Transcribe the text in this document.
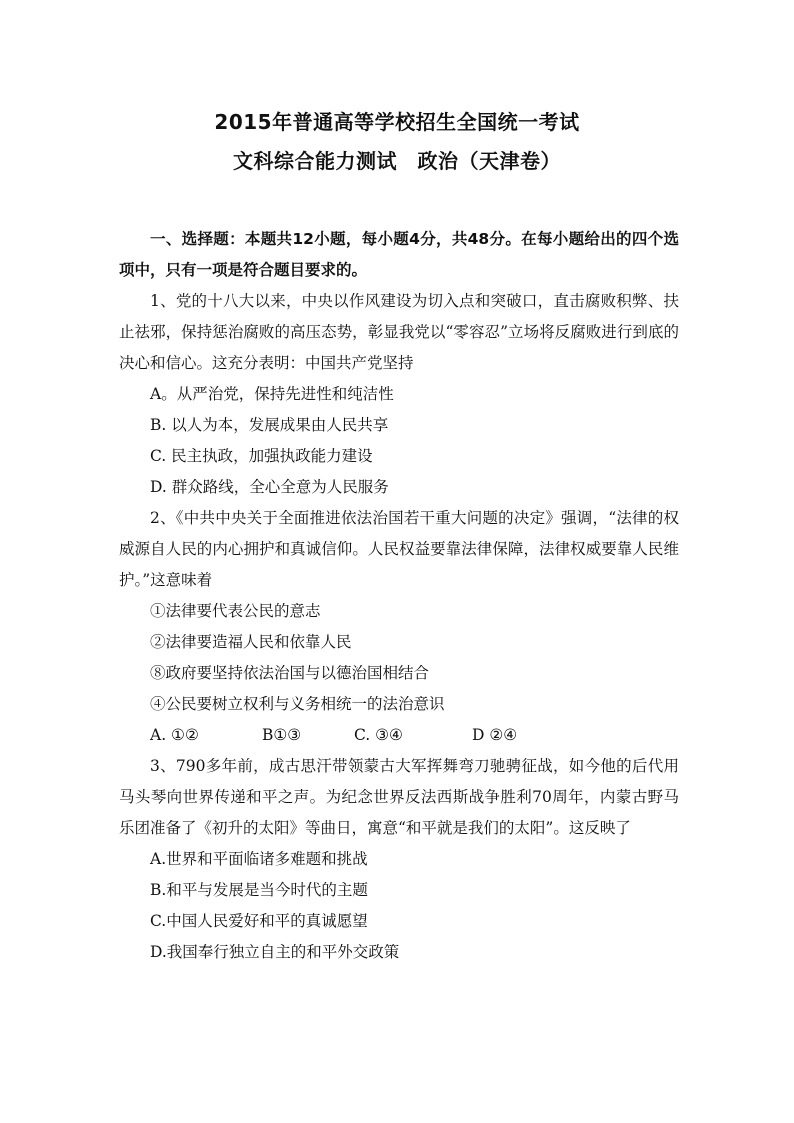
2015年普通高等学校招生全国统一考试
文科综合能力测试　政治（天津卷）

一、选择题：本题共12小题，每小题4分，共48分。在每小题给出的四个选项中，只有一项是符合题目要求的。

1、党的十八大以来，中央以作风建设为切入点和突破口，直击腐败积弊、扶止祛邪，保持惩治腐败的高压态势，彰显我党以“零容忍”立场将反腐败进行到底的决心和信心。这充分表明：中国共产党坚持

A。从严治党，保持先进性和纯洁性

B. 以人为本，发展成果由人民共享

C. 民主执政，加强执政能力建设

D. 群众路线，全心全意为人民服务

2、《中共中央关于全面推进依法治国若干重大问题的决定》强调，“法律的权威源自人民的内心拥护和真诚信仰。人民权益要靠法律保障，法律权威要靠人民维护。”这意味着

①法律要代表公民的意志

②法律要造福人民和依靠人民

⑧政府要坚持依法治国与以德治国相结合

④公民要树立权利与义务相统一的法治意识

A. ①②	B①③	C. ③④	D ②④

3、790多年前，成古思汗带领蒙古大军挥舞弯刀驰骋征战，如今他的后代用马头琴向世界传递和平之声。为纪念世界反法西斯战争胜利70周年，内蒙古野马乐团准备了《初升的太阳》等曲日，寓意“和平就是我们的太阳”。这反映了

A.世界和平面临诸多难题和挑战

B.和平与发展是当今时代的主题

C.中国人民爱好和平的真诚愿望

D.我国奉行独立自主的和平外交政策
